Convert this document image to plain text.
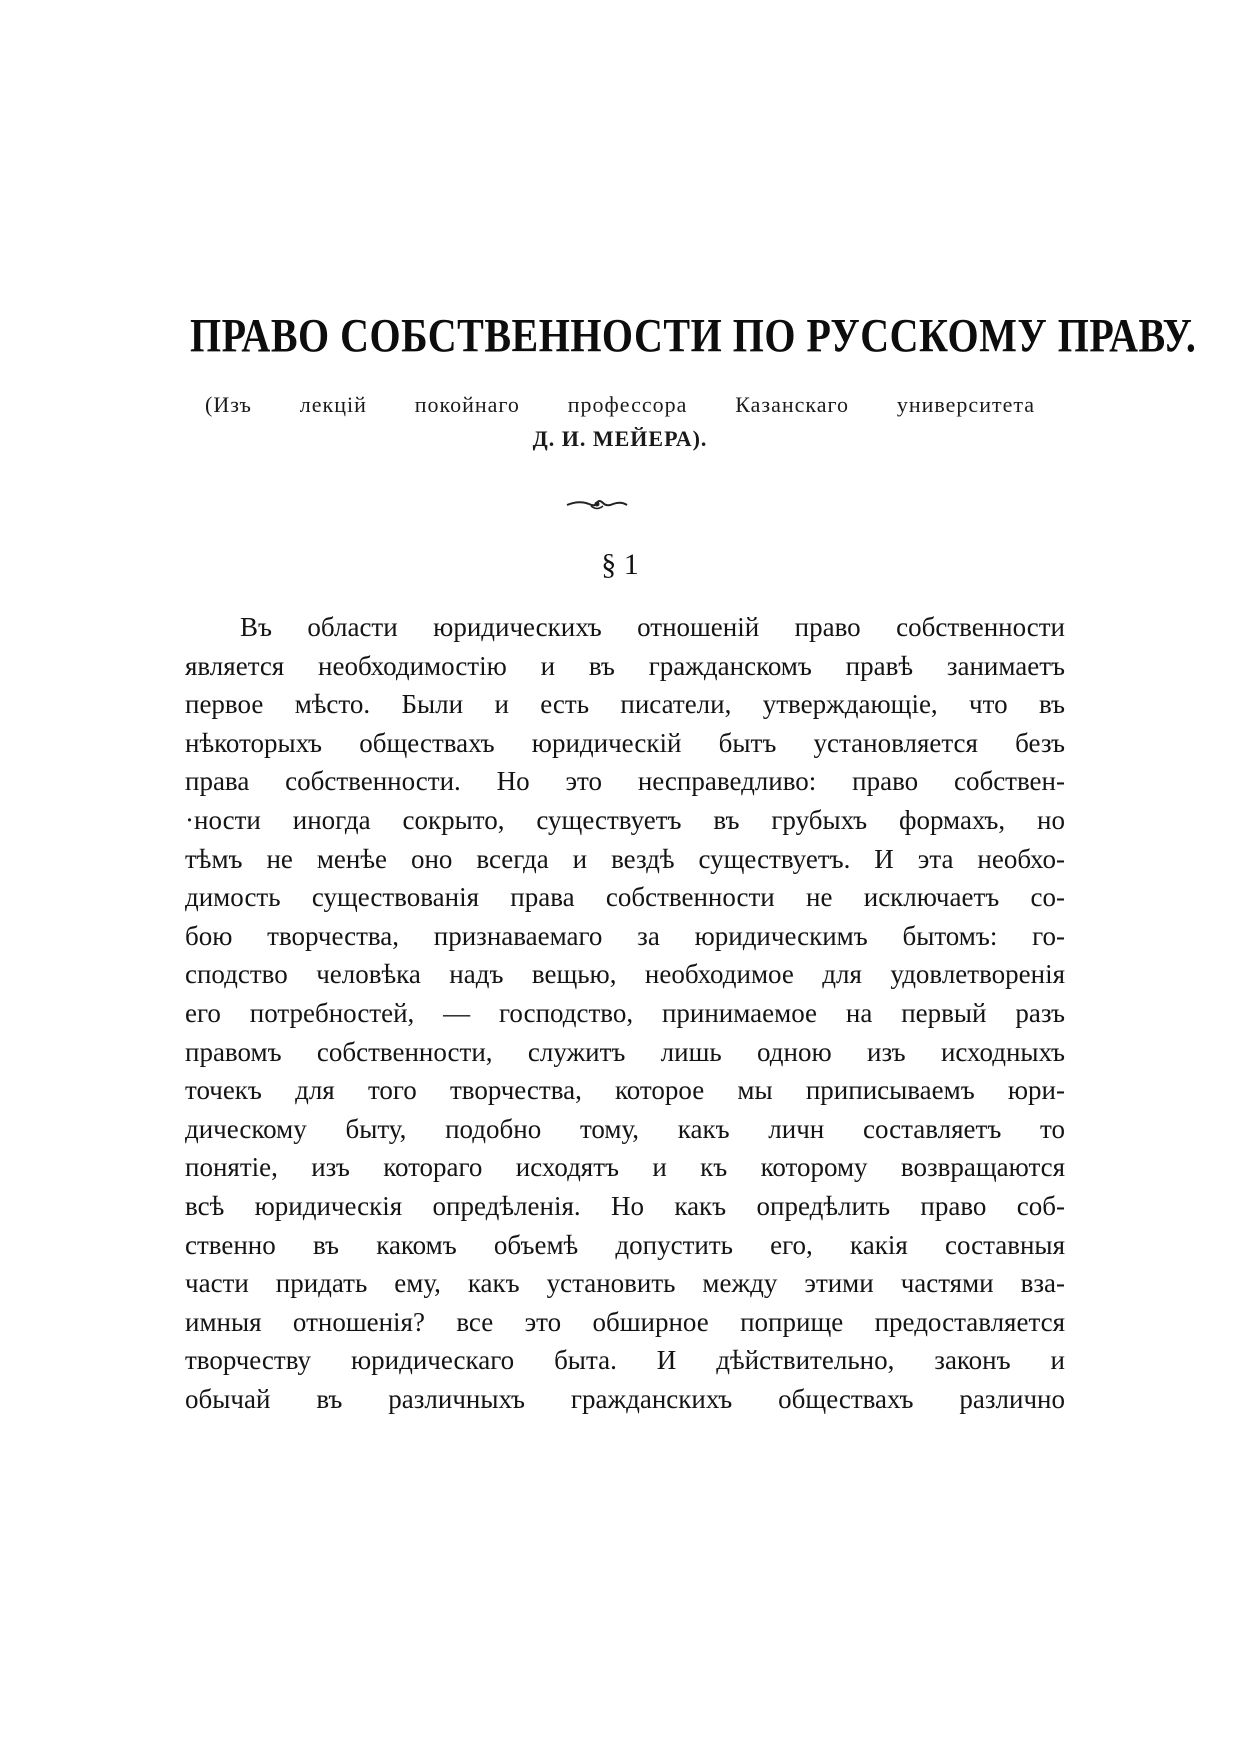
ПРАВО СОБСТВЕННОСТИ ПО РУССКОМУ ПРАВУ.
(Изъ лекцій покойнаго профессора Казанскаго университета
Д. И. МЕЙЕРА).
§ 1
Въ области юридическихъ отношеній право собственности
является необходимостію и въ гражданскомъ правѣ занимаетъ
первое мѣсто. Были и есть писатели, утверждающіе, что въ
нѣкоторыхъ обществахъ юридическій бытъ установляется безъ
права собственности. Но это несправедливо: право собствен-
·ности иногда сокрыто, существуетъ въ грубыхъ формахъ, но
тѣмъ не менѣе оно всегда и вездѣ существуетъ. И эта необхо-
димость существованія права собственности не исключаетъ со-
бою творчества, признаваемаго за юридическимъ бытомъ: го-
сподство человѣка надъ вещью, необходимое для удовлетворенія
его потребностей, — господство, принимаемое на первый разъ
правомъ собственности, служитъ лишь одною изъ исходныхъ
точекъ для того творчества, которое мы приписываемъ юри-
дическому быту, подобно тому, какъ личн составляетъ то
понятіе, изъ котораго исходятъ и къ которому возвращаются
всѣ юридическія опредѣленія. Но какъ опредѣлить право соб-
ственно въ какомъ объемѣ допустить его, какія составныя
части придать ему, какъ установить между этими частями вза-
имныя отношенія? все это обширное поприще предоставляется
творчеству юридическаго быта. И дѣйствительно, законъ и
обычай въ различныхъ гражданскихъ обществахъ различно
